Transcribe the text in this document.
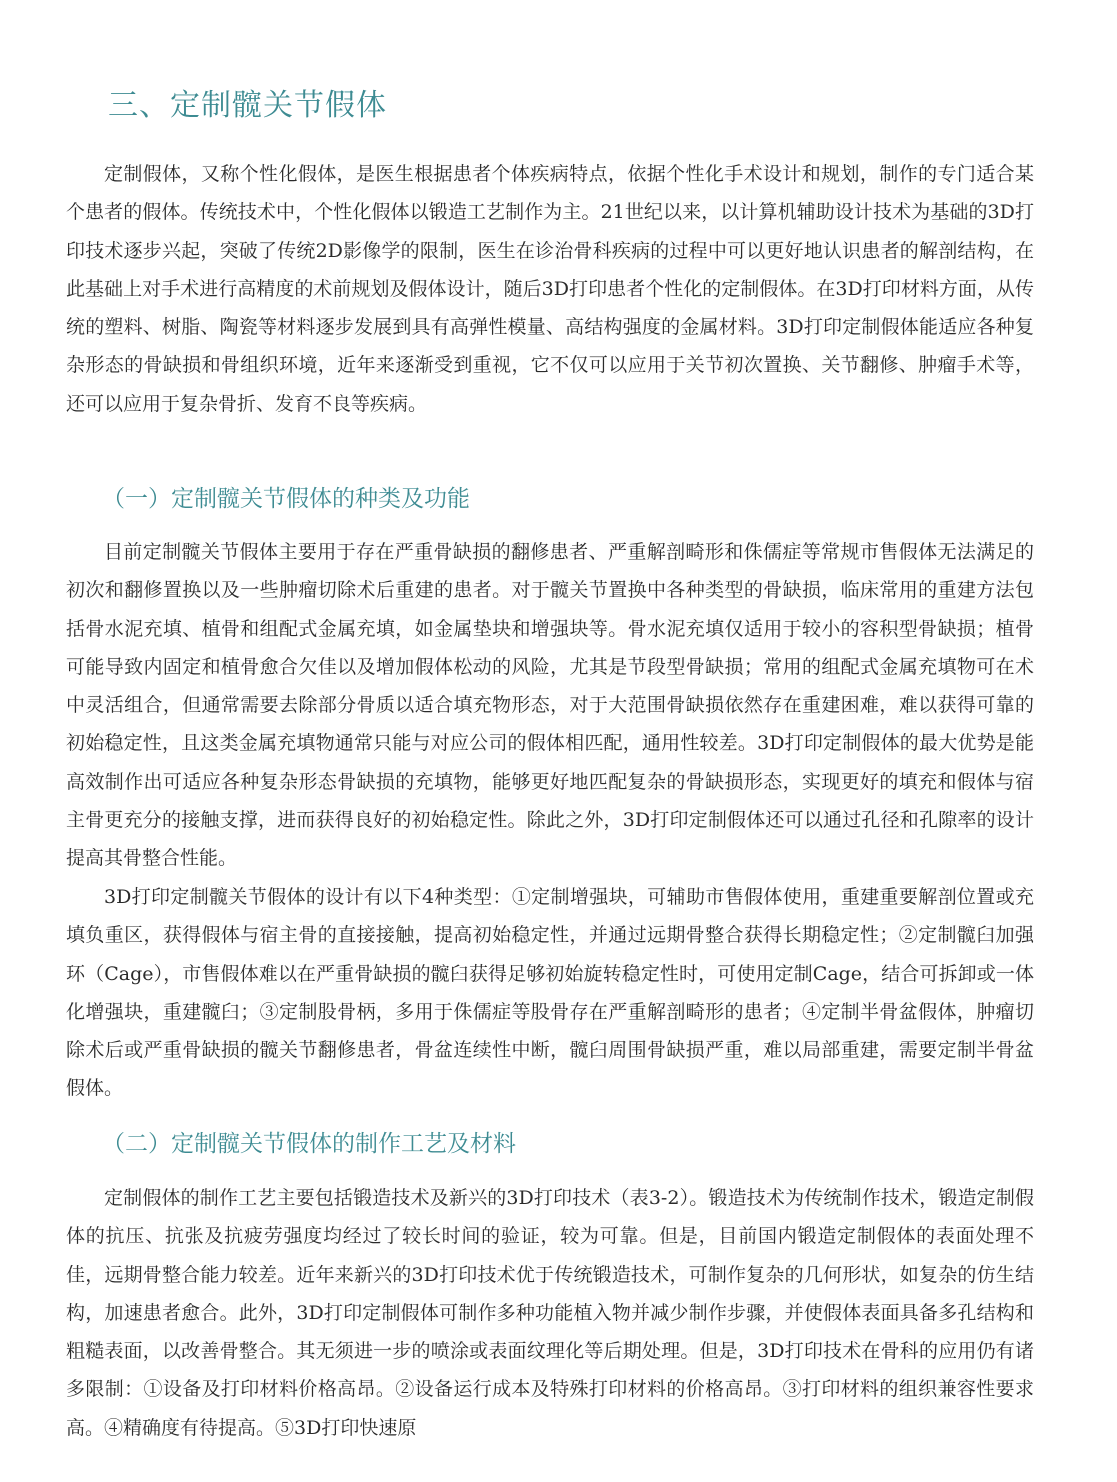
三、定制髋关节假体

定制假体，又称个性化假体，是医生根据患者个体疾病特点，依据个性化手术设计和规划，制作的专门适合某个患者的假体。传统技术中，个性化假体以锻造工艺制作为主。21世纪以来，以计算机辅助设计技术为基础的3D打印技术逐步兴起，突破了传统2D影像学的限制，医生在诊治骨科疾病的过程中可以更好地认识患者的解剖结构，在此基础上对手术进行高精度的术前规划及假体设计，随后3D打印患者个性化的定制假体。在3D打印材料方面，从传统的塑料、树脂、陶瓷等材料逐步发展到具有高弹性模量、高结构强度的金属材料。3D打印定制假体能适应各种复杂形态的骨缺损和骨组织环境，近年来逐渐受到重视，它不仅可以应用于关节初次置换、关节翻修、肿瘤手术等，还可以应用于复杂骨折、发育不良等疾病。

（一）定制髋关节假体的种类及功能

目前定制髋关节假体主要用于存在严重骨缺损的翻修患者、严重解剖畸形和侏儒症等常规市售假体无法满足的初次和翻修置换以及一些肿瘤切除术后重建的患者。对于髋关节置换中各种类型的骨缺损，临床常用的重建方法包括骨水泥充填、植骨和组配式金属充填，如金属垫块和增强块等。骨水泥充填仅适用于较小的容积型骨缺损；植骨可能导致内固定和植骨愈合欠佳以及增加假体松动的风险，尤其是节段型骨缺损；常用的组配式金属充填物可在术中灵活组合，但通常需要去除部分骨质以适合填充物形态，对于大范围骨缺损依然存在重建困难，难以获得可靠的初始稳定性，且这类金属充填物通常只能与对应公司的假体相匹配，通用性较差。3D打印定制假体的最大优势是能高效制作出可适应各种复杂形态骨缺损的充填物，能够更好地匹配复杂的骨缺损形态，实现更好的填充和假体与宿主骨更充分的接触支撑，进而获得良好的初始稳定性。除此之外，3D打印定制假体还可以通过孔径和孔隙率的设计提高其骨整合性能。

3D打印定制髋关节假体的设计有以下4种类型：①定制增强块，可辅助市售假体使用，重建重要解剖位置或充填负重区，获得假体与宿主骨的直接接触，提高初始稳定性，并通过远期骨整合获得长期稳定性；②定制髋臼加强环（Cage），市售假体难以在严重骨缺损的髋臼获得足够初始旋转稳定性时，可使用定制Cage，结合可拆卸或一体化增强块，重建髋臼；③定制股骨柄，多用于侏儒症等股骨存在严重解剖畸形的患者；④定制半骨盆假体，肿瘤切除术后或严重骨缺损的髋关节翻修患者，骨盆连续性中断，髋臼周围骨缺损严重，难以局部重建，需要定制半骨盆假体。

（二）定制髋关节假体的制作工艺及材料

定制假体的制作工艺主要包括锻造技术及新兴的3D打印技术（表3-2）。锻造技术为传统制作技术，锻造定制假体的抗压、抗张及抗疲劳强度均经过了较长时间的验证，较为可靠。但是，目前国内锻造定制假体的表面处理不佳，远期骨整合能力较差。近年来新兴的3D打印技术优于传统锻造技术，可制作复杂的几何形状，如复杂的仿生结构，加速患者愈合。此外，3D打印定制假体可制作多种功能植入物并减少制作步骤，并使假体表面具备多孔结构和粗糙表面，以改善骨整合。其无须进一步的喷涂或表面纹理化等后期处理。但是，3D打印技术在骨科的应用仍有诸多限制：①设备及打印材料价格高昂。②设备运行成本及特殊打印材料的价格高昂。③打印材料的组织兼容性要求高。④精确度有待提高。⑤3D打印快速原
